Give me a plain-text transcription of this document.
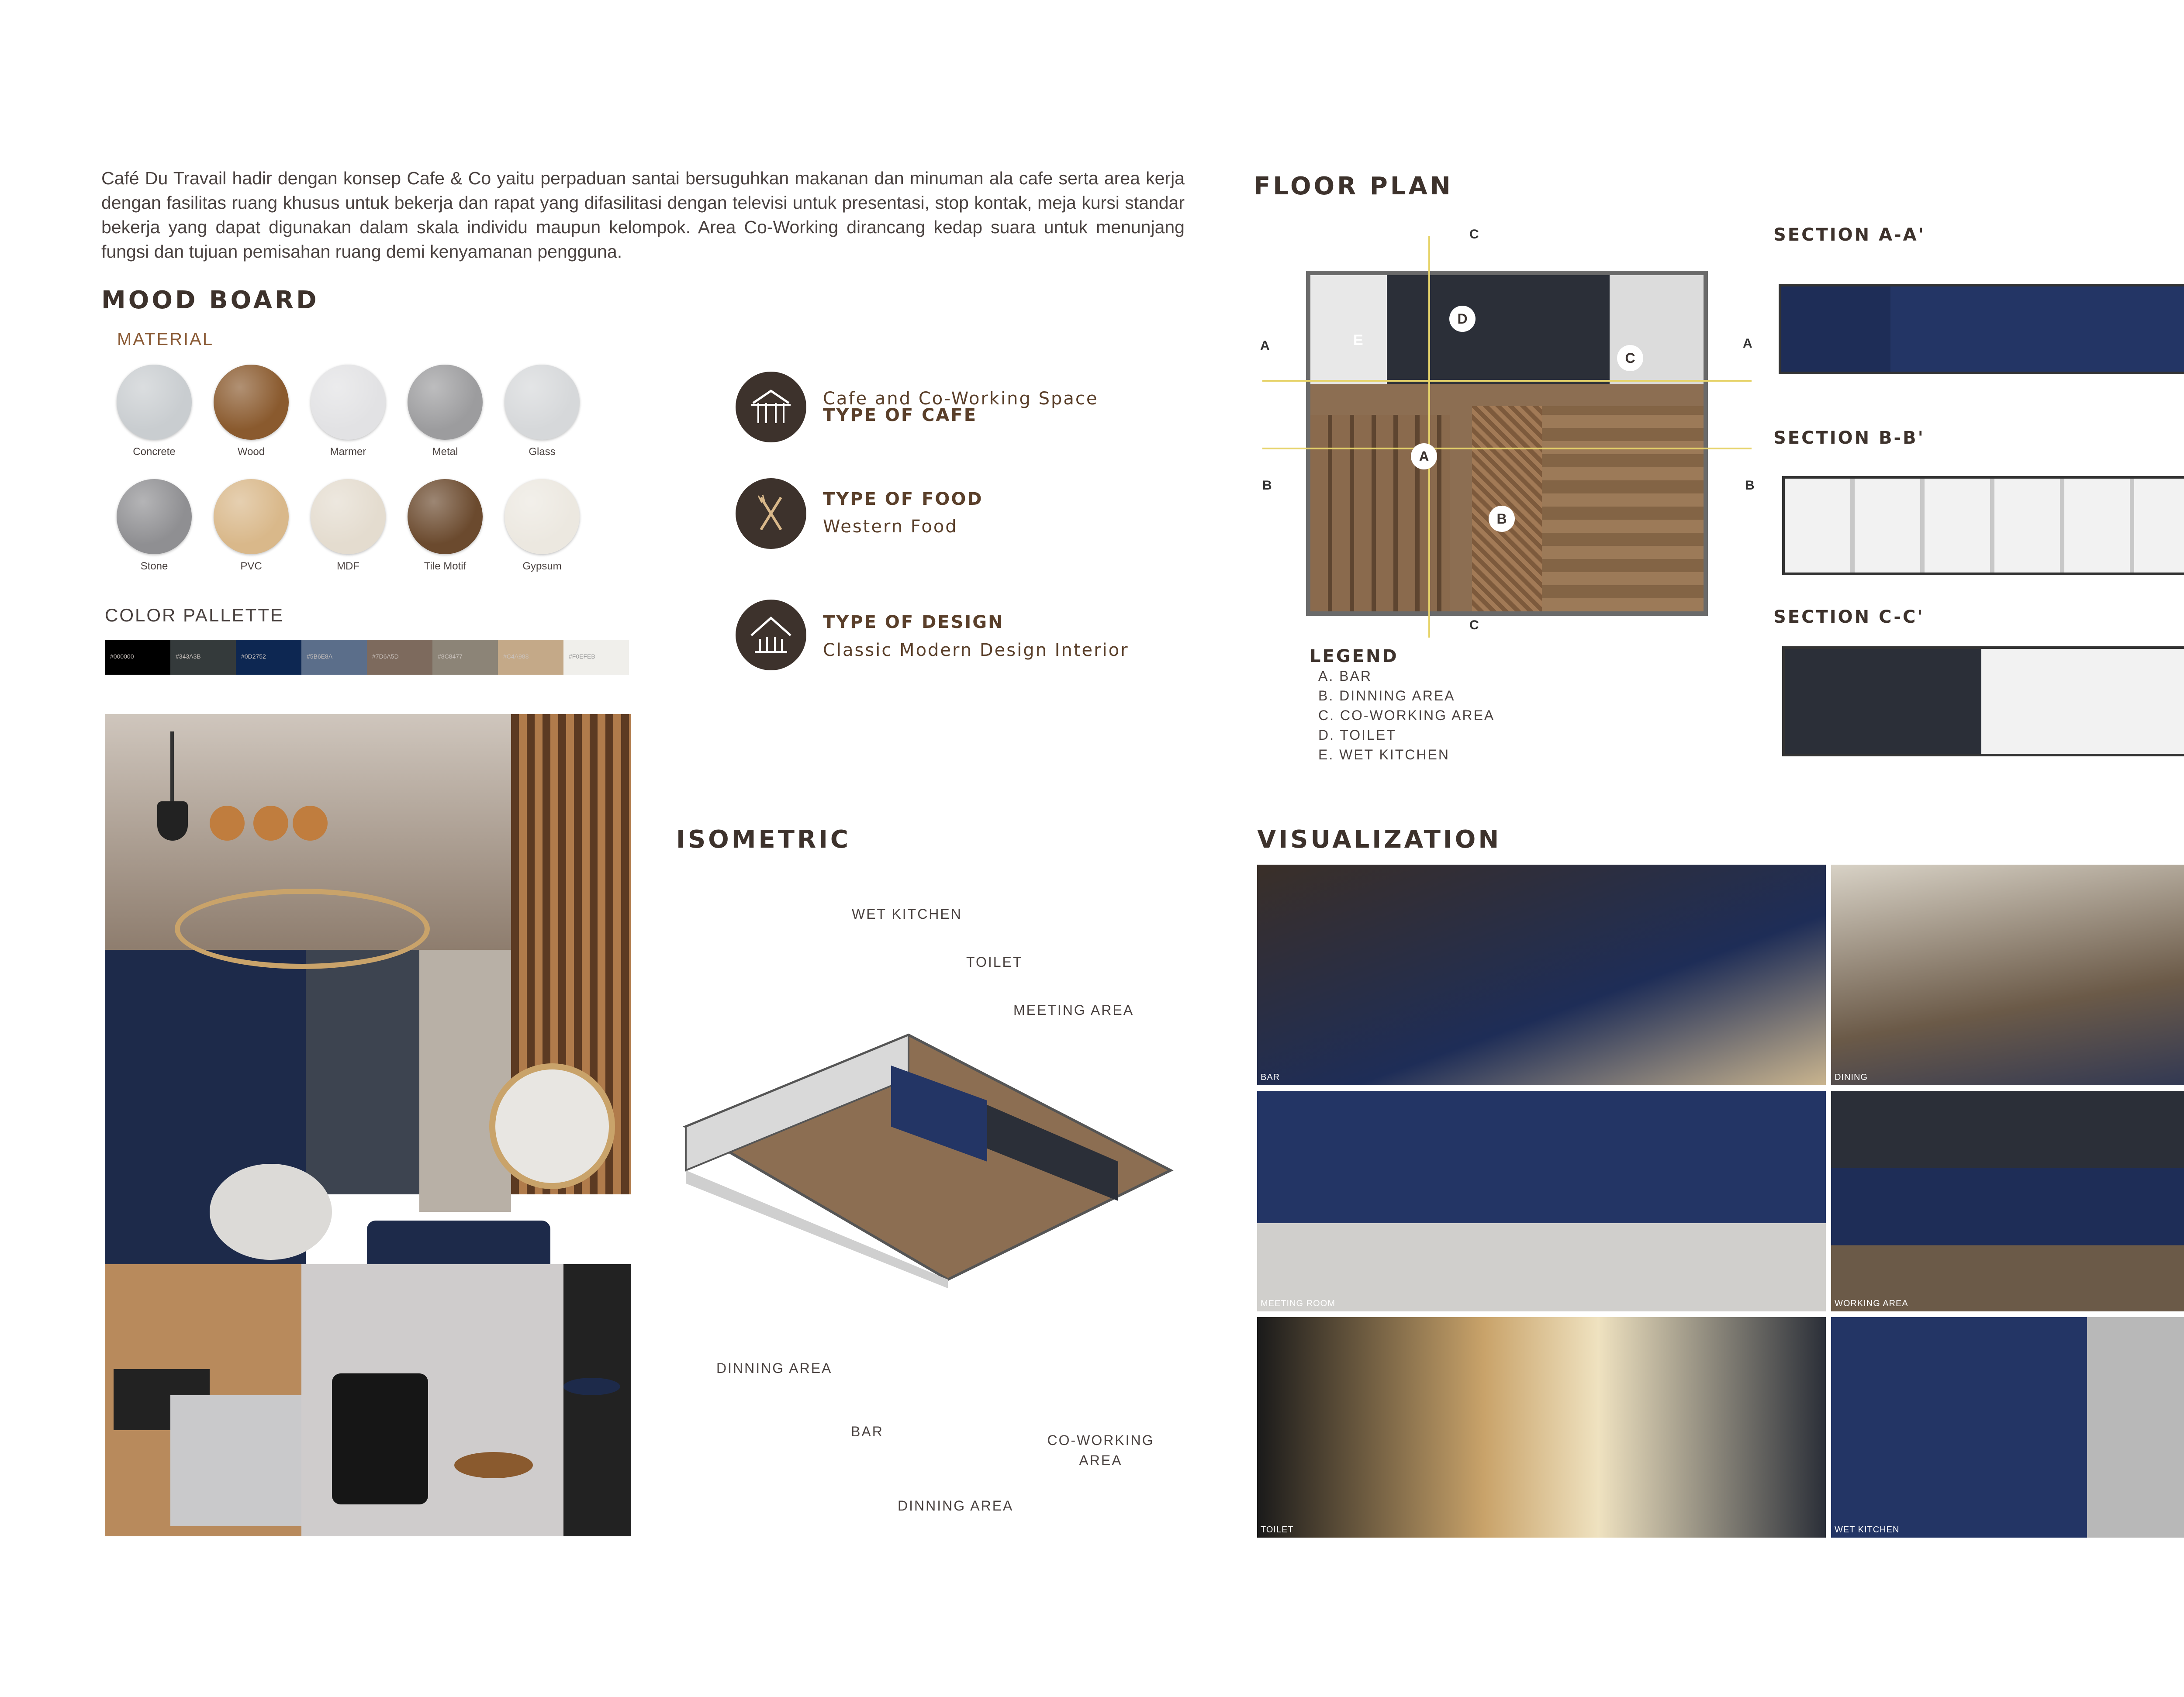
Café Du Travail hadir dengan konsep Cafe & Co yaitu perpaduan santai bersuguhkan makanan dan minuman ala cafe serta area kerja dengan fasilitas ruang khusus untuk bekerja dan rapat yang difasilitasi dengan televisi untuk presentasi, stop kontak, meja kursi standar bekerja yang dapat digunakan dalam skala individu maupun kelompok. Area Co-Working dirancang kedap suara untuk menunjang fungsi dan tujuan pemisahan ruang demi kenyamanan pengguna.
MOOD BOARD
MATERIAL
Concrete	Wood	Marmer	Metal	Glass
Stone	PVC	MDF	Tile Motif	Gypsum
COLOR PALLETTE
#000000	#343A3B	#0D2752	#5B6E8A	#7D6A5D	#8C8477	#C4A988	#F0EFEB
Cafe and Co-Working Space
TYPE OF CAFE
TYPE OF FOOD
Western Food
TYPE OF DESIGN
Classic Modern Design Interior
FLOOR PLAN
C
C
A	A
B	B
D
C
E
A
B
LEGEND
A. BAR
B. DINNING AREA
C. CO-WORKING AREA
D. TOILET
E. WET KITCHEN
SECTION A-A'
SECTION B-B'
SECTION C-C'
ISOMETRIC
WET KITCHEN
TOILET
MEETING AREA
DINNING AREA
BAR
DINNING AREA
CO-WORKING AREA
VISUALIZATION
BAR	DINING
MEETING ROOM	WORKING AREA
TOILET	WET KITCHEN
